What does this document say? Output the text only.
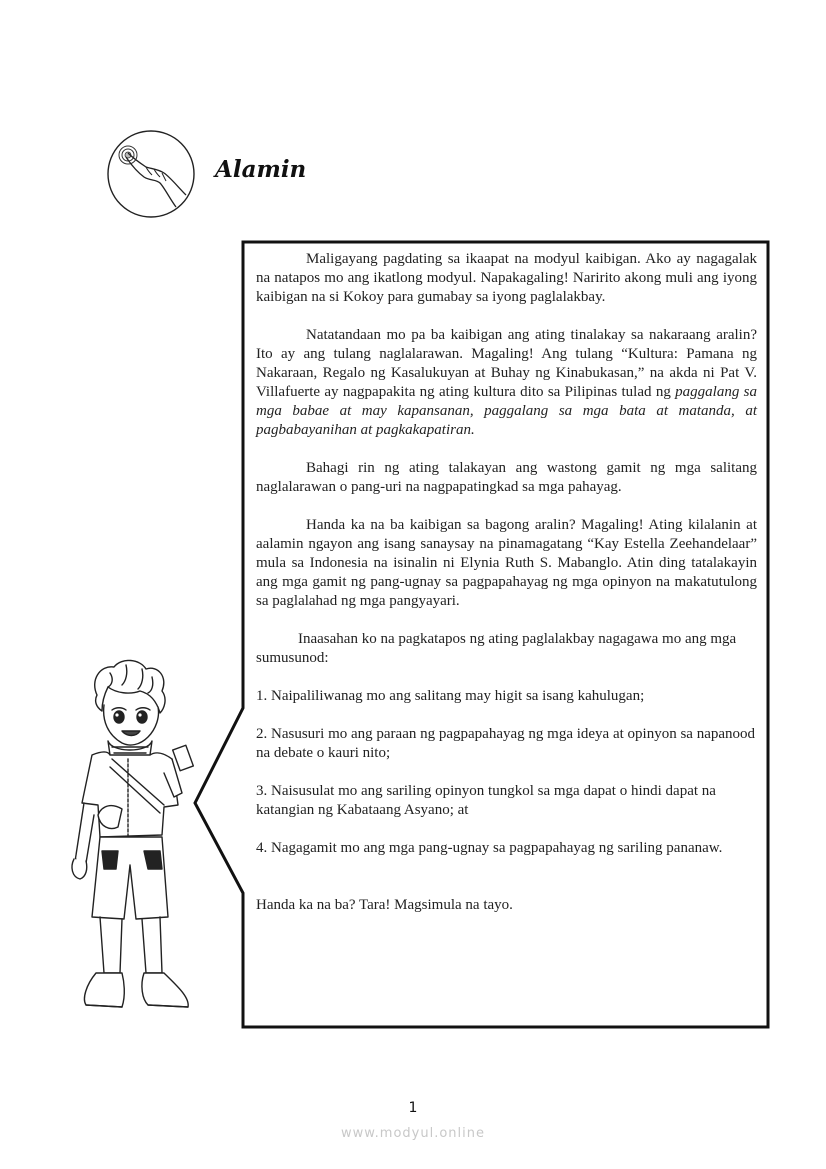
Alamin

Maligayang pagdating sa ikaapat na modyul kaibigan. Ako ay nagagalak na natapos mo ang ikatlong modyul. Napakagaling! Naririto akong muli ang iyong kaibigan na si Kokoy para gumabay sa iyong paglalakbay.

Natatandaan mo pa ba kaibigan ang ating tinalakay sa nakaraang aralin? Ito ay ang tulang naglalarawan. Magaling! Ang tulang “Kultura: Pamana ng Nakaraan, Regalo ng Kasalukuyan at Buhay ng Kinabukasan,” na akda ni Pat V. Villafuerte ay nagpapakita ng ating kultura dito sa Pilipinas tulad ng paggalang sa mga babae at may kapansanan, paggalang sa mga bata at matanda, at pagbabayanihan at pagkakapatiran.

Bahagi rin ng ating talakayan ang wastong gamit ng mga salitang naglalarawan o pang-uri na nagpapatingkad sa mga pahayag.

Handa ka na ba kaibigan sa bagong aralin? Magaling! Ating kilalanin at aalamin ngayon ang isang sanaysay na pinamagatang “Kay Estella Zeehandelaar” mula sa Indonesia na isinalin ni Elynia Ruth S. Mabanglo. Atin ding tatalakayin ang mga gamit ng pang-ugnay sa pagpapahayag ng mga opinyon na makatutulong sa paglalahad ng mga pangyayari.

Inaasahan ko na pagkatapos ng ating paglalakbay nagagawa mo ang mga sumusunod:

1. Naipaliliwanag mo ang salitang may higit sa isang kahulugan;

2. Nasusuri mo ang paraan ng pagpapahayag ng mga ideya at opinyon sa napanood na debate o kauri nito;

3. Naisusulat mo ang sariling opinyon tungkol sa mga dapat o hindi dapat na katangian ng Kabataang Asyano; at

4. Nagagamit mo ang mga pang-ugnay sa pagpapahayag ng sariling pananaw.

Handa ka na ba? Tara! Magsimula na tayo.

1
www.modyul.online
